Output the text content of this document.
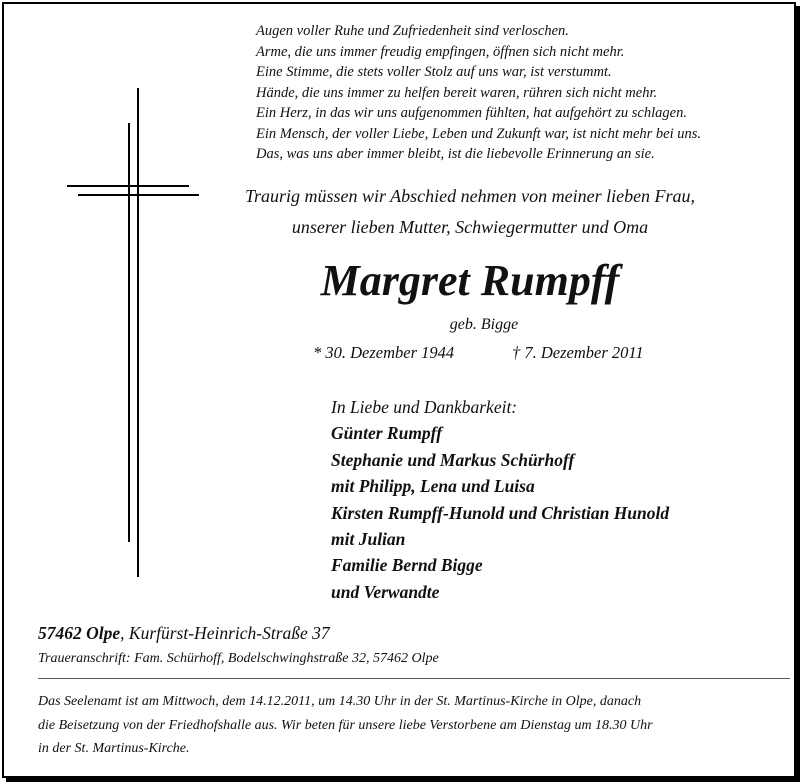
Augen voller Ruhe und Zufriedenheit sind verloschen.
Arme, die uns immer freudig empfingen, öffnen sich nicht mehr.
Eine Stimme, die stets voller Stolz auf uns war, ist verstummt.
Hände, die uns immer zu helfen bereit waren, rühren sich nicht mehr.
Ein Herz, in das wir uns aufgenommen fühlten, hat aufgehört zu schlagen.
Ein Mensch, der voller Liebe, Leben und Zukunft war, ist nicht mehr bei uns.
Das, was uns aber immer bleibt, ist die liebevolle Erinnerung an sie.
Traurig müssen wir Abschied nehmen von meiner lieben Frau,
unserer lieben Mutter, Schwiegermutter und Oma
Margret Rumpff
geb. Bigge
* 30. Dezember 1944	† 7. Dezember 2011
In Liebe und Dankbarkeit:
Günter Rumpff
Stephanie und Markus Schürhoff
mit Philipp, Lena und Luisa
Kirsten Rumpff-Hunold und Christian Hunold
mit Julian
Familie Bernd Bigge
und Verwandte
57462 Olpe, Kurfürst-Heinrich-Straße 37
Traueranschrift: Fam. Schürhoff, Bodelschwinghstraße 32, 57462 Olpe
Das Seelenamt ist am Mittwoch, dem 14.12.2011, um 14.30 Uhr in der St. Martinus-Kirche in Olpe, danach
die Beisetzung von der Friedhofshalle aus. Wir beten für unsere liebe Verstorbene am Dienstag um 18.30 Uhr
in der St. Martinus-Kirche.
